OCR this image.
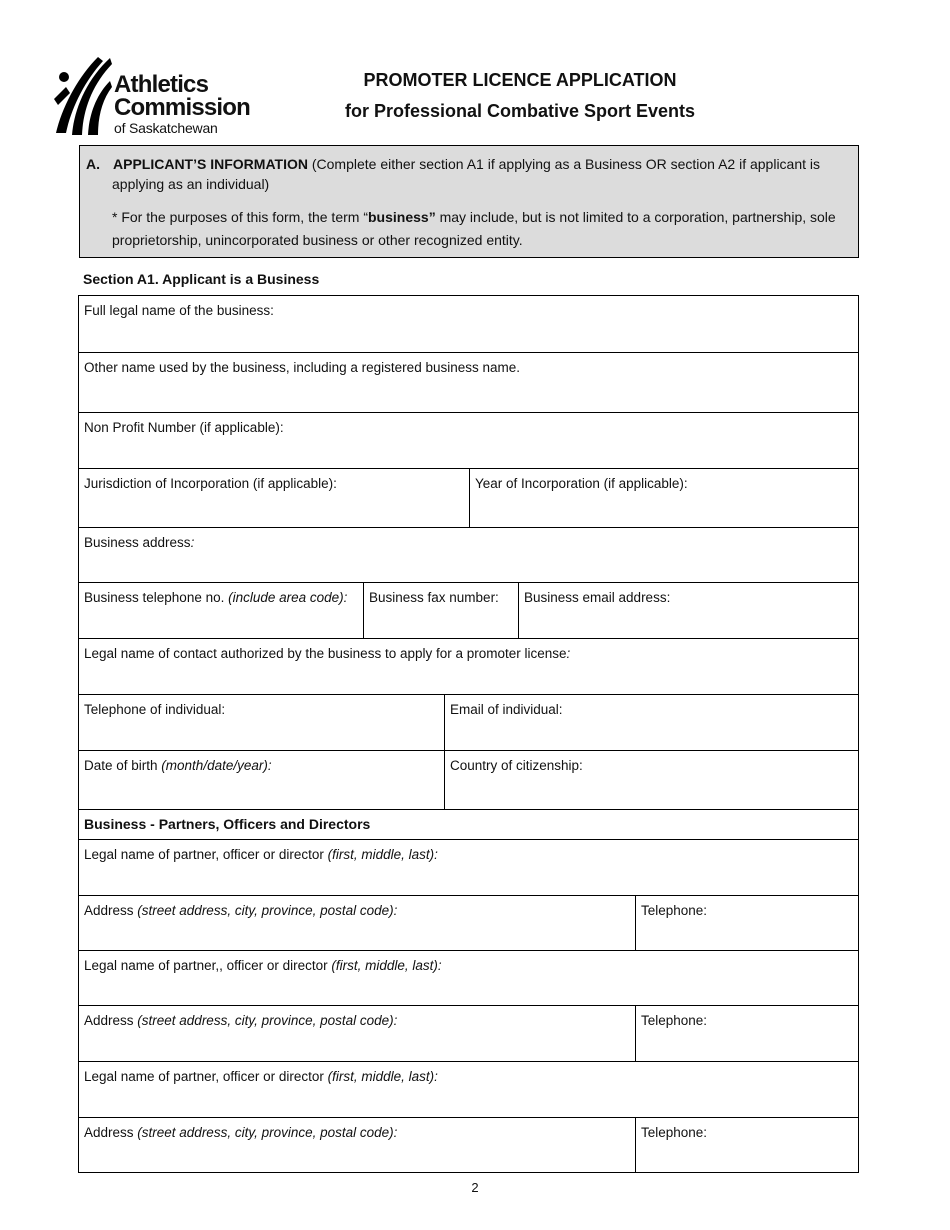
Athletics
Commission
of Saskatchewan
PROMOTER LICENCE APPLICATION
for Professional Combative Sport Events
A. APPLICANT’S INFORMATION (Complete either section A1 if applying as a Business OR section A2 if applicant is
applying as an individual)
* For the purposes of this form, the term “business” may include, but is not limited to a corporation, partnership, sole proprietorship, unincorporated business or other recognized entity.
Section A1. Applicant is a Business
Full legal name of the business:
Other name used by the business, including a registered business name.
Non Profit Number (if applicable):
Jurisdiction of Incorporation (if applicable):	Year of Incorporation (if applicable):
Business address:
Business telephone no. (include area code):	Business fax number:	Business email address:
Legal name of contact authorized by the business to apply for a promoter license:
Telephone of individual:	Email of individual:
Date of birth (month/date/year):	Country of citizenship:
Business - Partners, Officers and Directors
Legal name of partner, officer or director (first, middle, last):
Address (street address, city, province, postal code):	Telephone:
Legal name of partner,, officer or director (first, middle, last):
Address (street address, city, province, postal code):	Telephone:
Legal name of partner, officer or director (first, middle, last):
Address (street address, city, province, postal code):	Telephone:
2
